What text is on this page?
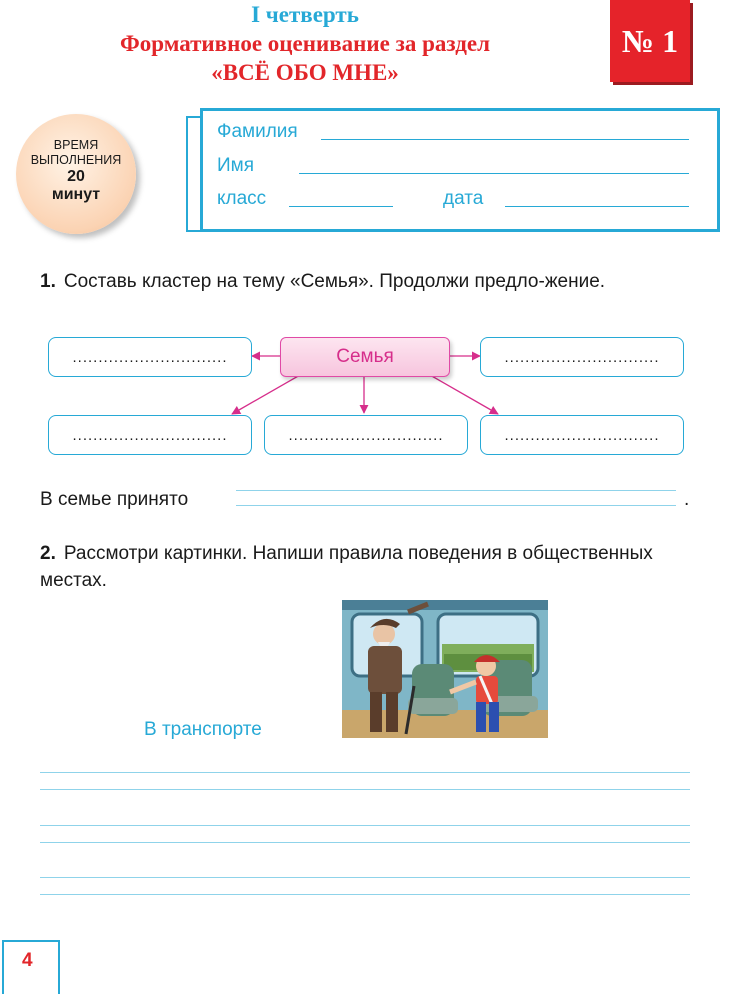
I четверть
Формативное оценивание за раздел
«ВСЁ ОБО МНЕ»
№ 1
ВРЕМЯ
ВЫПОЛНЕНИЯ
20
минут
Фамилия
Имя
класс	дата
1. Составь кластер на тему «Семья». Продолжи предло-жение.
Семья
..............................	..............................
..............................	..............................	..............................
В семье принято	.
2. Рассмотри картинки. Напиши правила поведения в общественных местах.
В транспорте
4
